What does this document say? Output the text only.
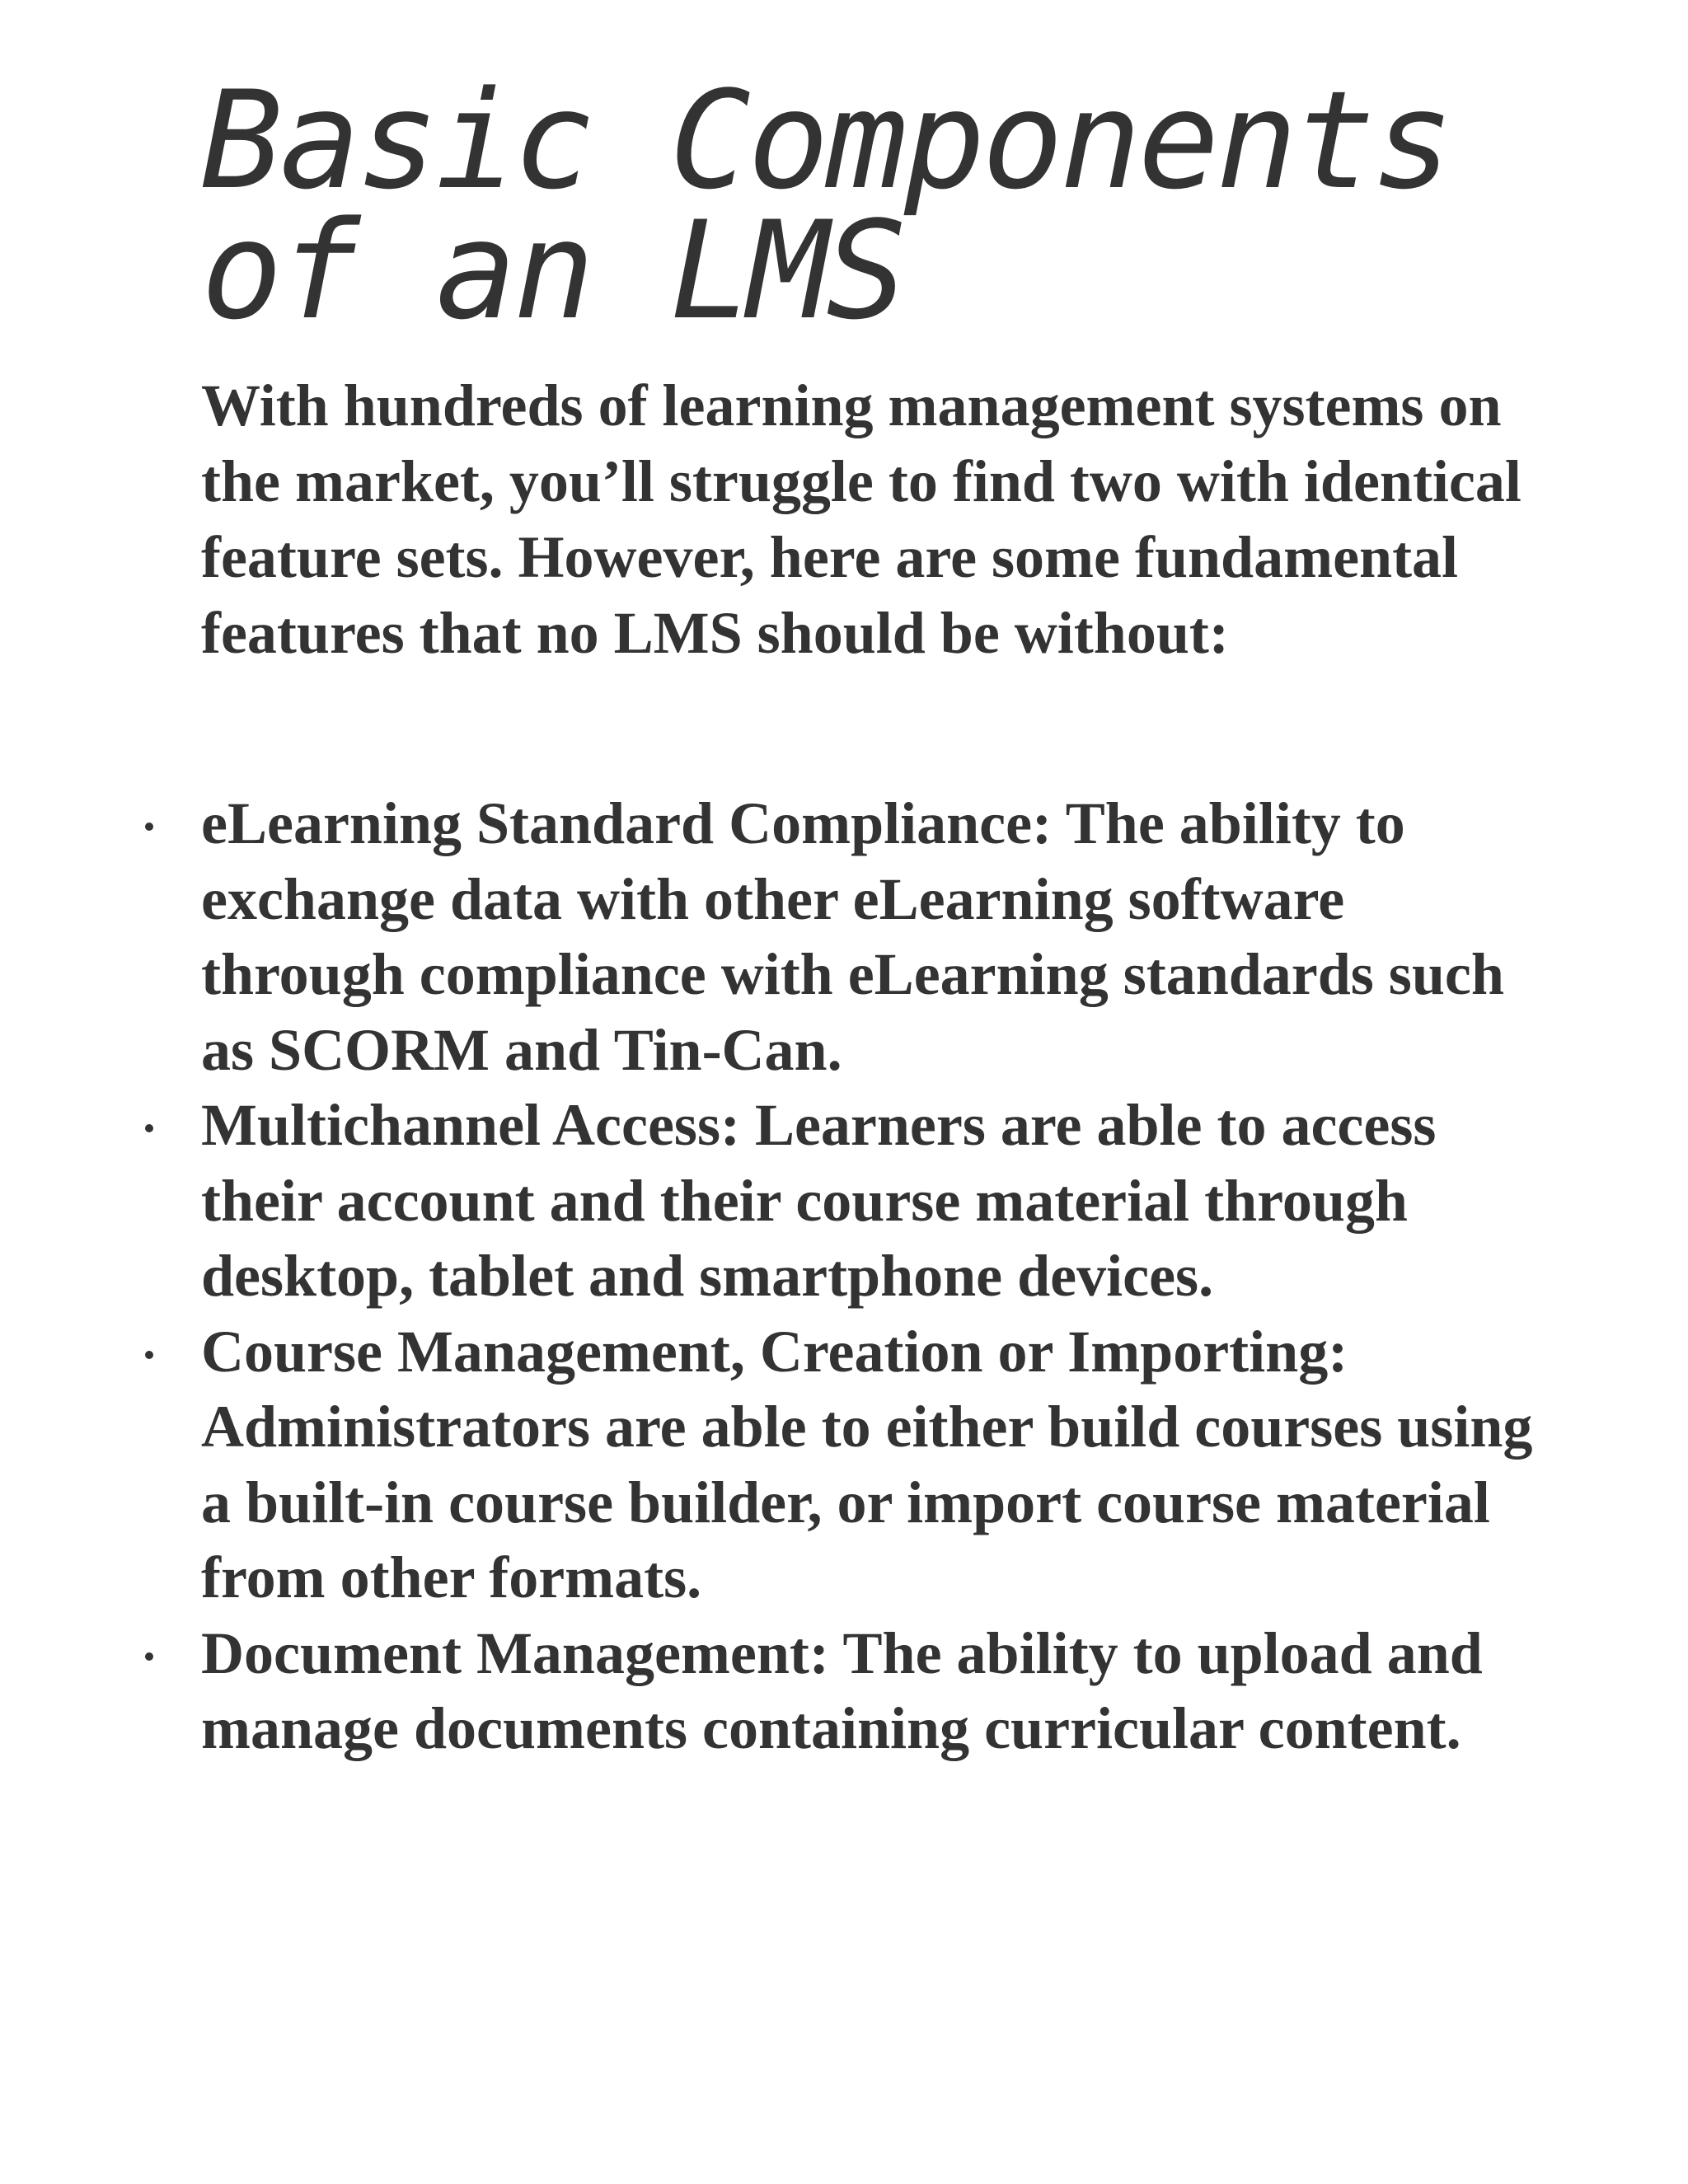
Basic Components
of an LMS

With hundreds of learning management systems on the market, you’ll struggle to find two with identical feature sets. However, here are some fundamental features that no LMS should be without:

eLearning Standard Compliance: The ability to exchange data with other eLearning software through compliance with eLearning standards such as SCORM and Tin-Can.
Multichannel Access: Learners are able to access their account and their course material through desktop, tablet and smartphone devices.
Course Management, Creation or Importing: Administrators are able to either build courses using a built-in course builder, or import course material from other formats.
Document Management: The ability to upload and manage documents containing curricular content.
